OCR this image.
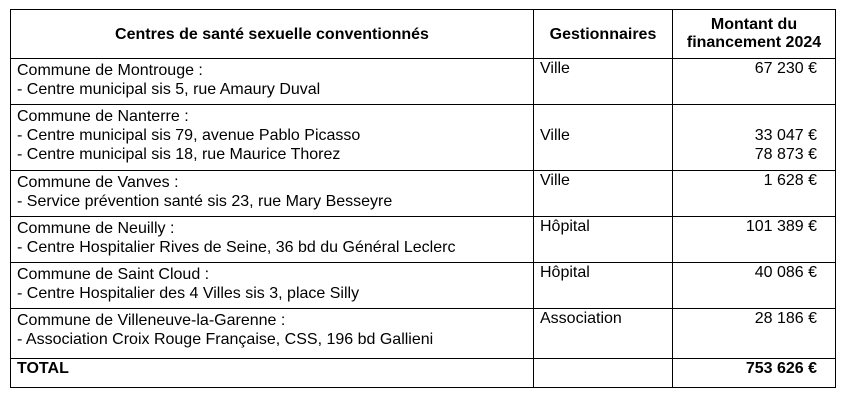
Centres de santé sexuelle conventionnés	Gestionnaires	Montant du
financement 2024

Commune de Montrouge :
- Centre municipal sis 5, rue Amaury Duval	Ville	67 230 €

Commune de Nanterre :
- Centre municipal sis 79, avenue Pablo Picasso
- Centre municipal sis 18, rue Maurice Thorez	Ville	33 047 €
78 873 €

Commune de Vanves :
- Service prévention santé sis 23, rue Mary Besseyre	Ville	1 628 €

Commune de Neuilly :
- Centre Hospitalier Rives de Seine, 36 bd du Général Leclerc	Hôpital	101 389 €

Commune de Saint Cloud :
- Centre Hospitalier des 4 Villes sis 3, place Silly	Hôpital	40 086 €

Commune de Villeneuve-la-Garenne :
- Association Croix Rouge Française, CSS, 196 bd Gallieni	Association	28 186 €
TOTAL		753 626 €
